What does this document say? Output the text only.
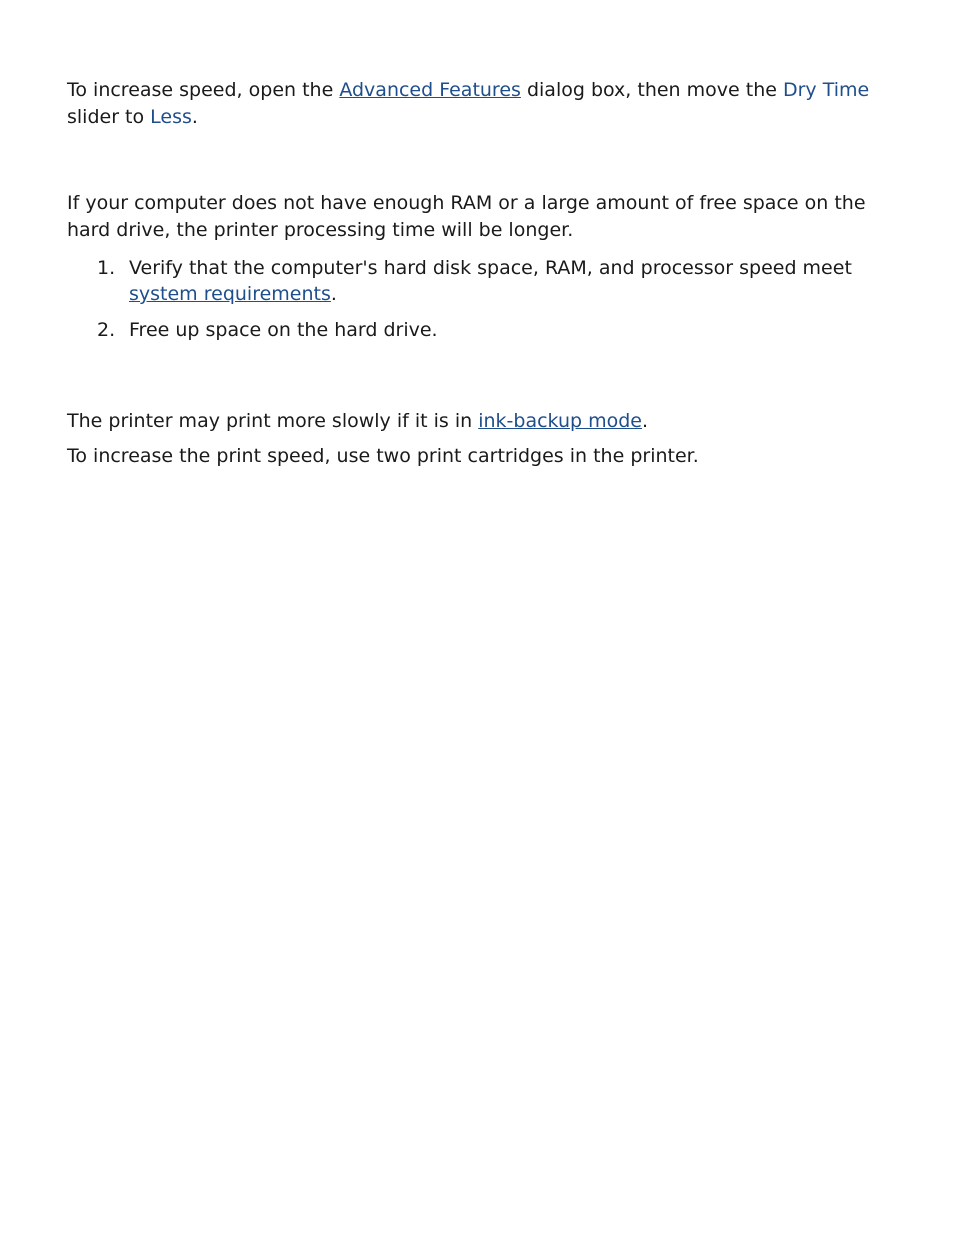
To increase speed, open the Advanced Features dialog box, then move the Dry Time slider to Less.

If your computer does not have enough RAM or a large amount of free space on the hard drive, the printer processing time will be longer.

1. Verify that the computer's hard disk space, RAM, and processor speed meet system requirements.
2. Free up space on the hard drive.

The printer may print more slowly if it is in ink-backup mode.

To increase the print speed, use two print cartridges in the printer.
